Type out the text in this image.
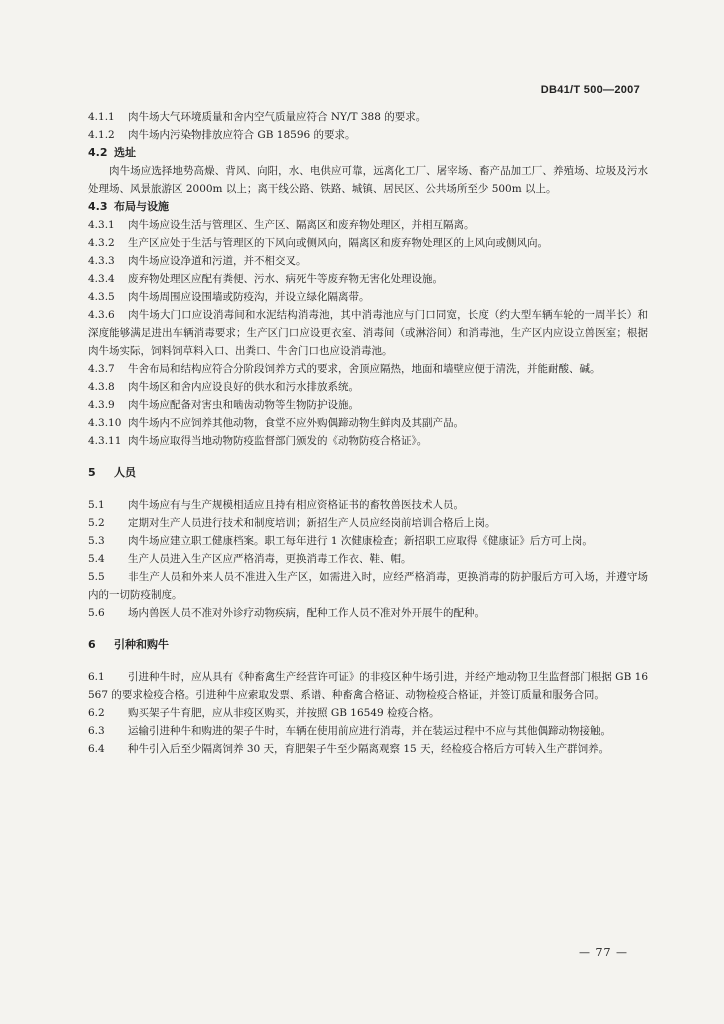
DB41/T 500—2007

4.1.1 肉牛场大气环境质量和舍内空气质量应符合 NY/T 388 的要求。

4.1.2 肉牛场内污染物排放应符合 GB 18596 的要求。

4.2 选址

肉牛场应选择地势高燥、背风、向阳，水、电供应可靠，远离化工厂、屠宰场、畜产品加工厂、养殖场、垃圾及污水处理场、风景旅游区 2000m 以上；离干线公路、铁路、城镇、居民区、公共场所至少 500m 以上。

4.3 布局与设施

4.3.1 肉牛场应设生活与管理区、生产区、隔离区和废弃物处理区，并相互隔离。

4.3.2 生产区应处于生活与管理区的下风向或侧风向，隔离区和废弃物处理区的上风向或侧风向。

4.3.3 肉牛场应设净道和污道，并不相交叉。

4.3.4 废弃物处理区应配有粪便、污水、病死牛等废弃物无害化处理设施。

4.3.5 肉牛场周围应设围墙或防疫沟，并设立绿化隔离带。

4.3.6 肉牛场大门口应设消毒间和水泥结构消毒池，其中消毒池应与门口同宽，长度（约大型车辆车轮的一周半长）和深度能够满足进出车辆消毒要求；生产区门口应设更衣室、消毒间（或淋浴间）和消毒池，生产区内应设立兽医室；根据肉牛场实际，饲料饲草料入口、出粪口、牛舍门口也应设消毒池。

4.3.7 牛舍布局和结构应符合分阶段饲养方式的要求，舍顶应隔热，地面和墙壁应便于清洗，并能耐酸、碱。

4.3.8 肉牛场区和舍内应设良好的供水和污水排放系统。

4.3.9 肉牛场应配备对害虫和啮齿动物等生物防护设施。

4.3.10 肉牛场内不应饲养其他动物，食堂不应外购偶蹄动物生鲜肉及其副产品。

4.3.11 肉牛场应取得当地动物防疫监督部门颁发的《动物防疫合格证》。

5 人员

5.1 肉牛场应有与生产规模相适应且持有相应资格证书的畜牧兽医技术人员。

5.2 定期对生产人员进行技术和制度培训；新招生产人员应经岗前培训合格后上岗。

5.3 肉牛场应建立职工健康档案。职工每年进行 1 次健康检查；新招职工应取得《健康证》后方可上岗。

5.4 生产人员进入生产区应严格消毒，更换消毒工作衣、鞋、帽。

5.5 非生产人员和外来人员不准进入生产区，如需进入时，应经严格消毒，更换消毒的防护服后方可入场，并遵守场内的一切防疫制度。

5.6 场内兽医人员不准对外诊疗动物疾病，配种工作人员不准对外开展牛的配种。

6 引种和购牛

6.1 引进种牛时，应从具有《种畜禽生产经营许可证》的非疫区种牛场引进，并经产地动物卫生监督部门根据 GB 16567 的要求检疫合格。引进种牛应索取发票、系谱、种畜禽合格证、动物检疫合格证，并签订质量和服务合同。

6.2 购买架子牛育肥，应从非疫区购买，并按照 GB 16549 检疫合格。

6.3 运输引进种牛和购进的架子牛时，车辆在使用前应进行消毒，并在装运过程中不应与其他偶蹄动物接触。

6.4 种牛引入后至少隔离饲养 30 天，育肥架子牛至少隔离观察 15 天，经检疫合格后方可转入生产群饲养。

— 77 —
